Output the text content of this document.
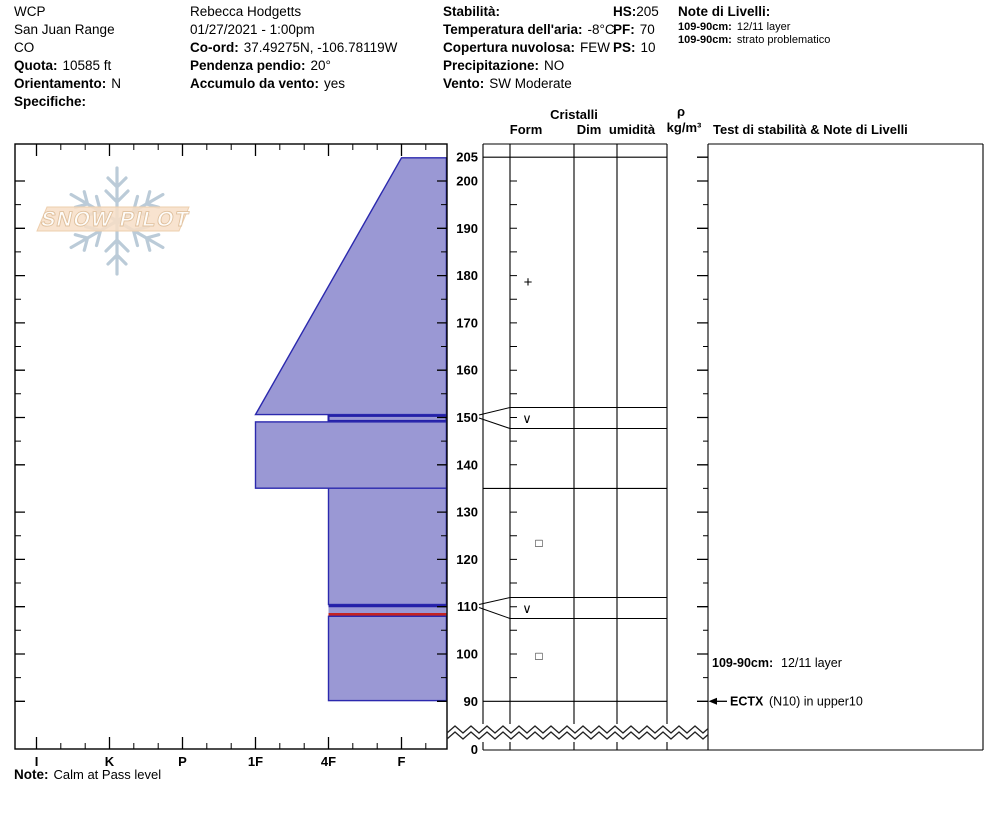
WCP
San Juan Range
CO
Quota: 10585 ft
Orientamento: N
Specifiche:
Rebecca Hodgetts
01/27/2021 - 1:00pm
Co-ord: 37.49275N, -106.78119W
Pendenza pendio: 20°
Accumulo da vento: yes
Stabilità:
Temperatura dell'aria: -8°C
Copertura nuvolosa: FEW
Precipitazione: NO
Vento: SW Moderate
HS:205
PF: 70
PS: 10
Note di Livelli:
109-90cm: 12/11 layer
109-90cm: strato problematico
SNOW PILOT
Cristalli
Form	Dim umidità
ρ
kg/m³ Test di stabilità & Note di Livelli
205
200
190
180
170
160
150
140
130
120
110
100
90
0
I	K	P	1F	4F	F
+
∨
□
∨
□	109-90cm: 12/11 layer
ECTX (N10) in upper10
Note: Calm at Pass level
